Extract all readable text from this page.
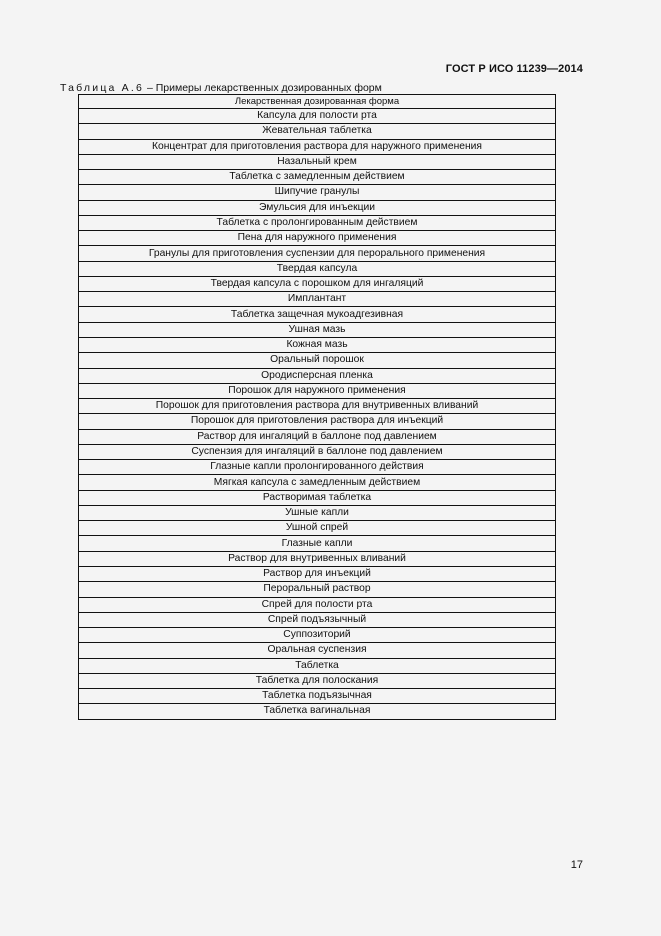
ГОСТ Р ИСО 11239—2014
Таблица А.6 – Примеры лекарственных дозированных форм
Лекарственная дозированная форма
Капсула для полости рта
Жевательная таблетка
Концентрат для приготовления раствора для наружного применения
Назальный крем
Таблетка с замедленным действием
Шипучие гранулы
Эмульсия для инъекции
Таблетка с пролонгированным действием
Пена для наружного применения
Гранулы для приготовления суспензии для перорального применения
Твердая капсула
Твердая капсула с порошком для ингаляций
Имплантант
Таблетка защечная мукоадгезивная
Ушная мазь
Кожная мазь
Оральный порошок
Ородисперсная пленка
Порошок для наружного применения
Порошок для приготовления раствора для внутривенных вливаний
Порошок для приготовления раствора для инъекций
Раствор для ингаляций в баллоне под давлением
Суспензия для ингаляций в баллоне под давлением
Глазные капли пролонгированного действия
Мягкая капсула с замедленным действием
Растворимая таблетка
Ушные капли
Ушной спрей
Глазные капли
Раствор для внутривенных вливаний
Раствор для инъекций
Пероральный раствор
Спрей для полости рта
Спрей подъязычный
Суппозиторий
Оральная суспензия
Таблетка
Таблетка для полоскания
Таблетка подъязычная
Таблетка вагинальная
17
